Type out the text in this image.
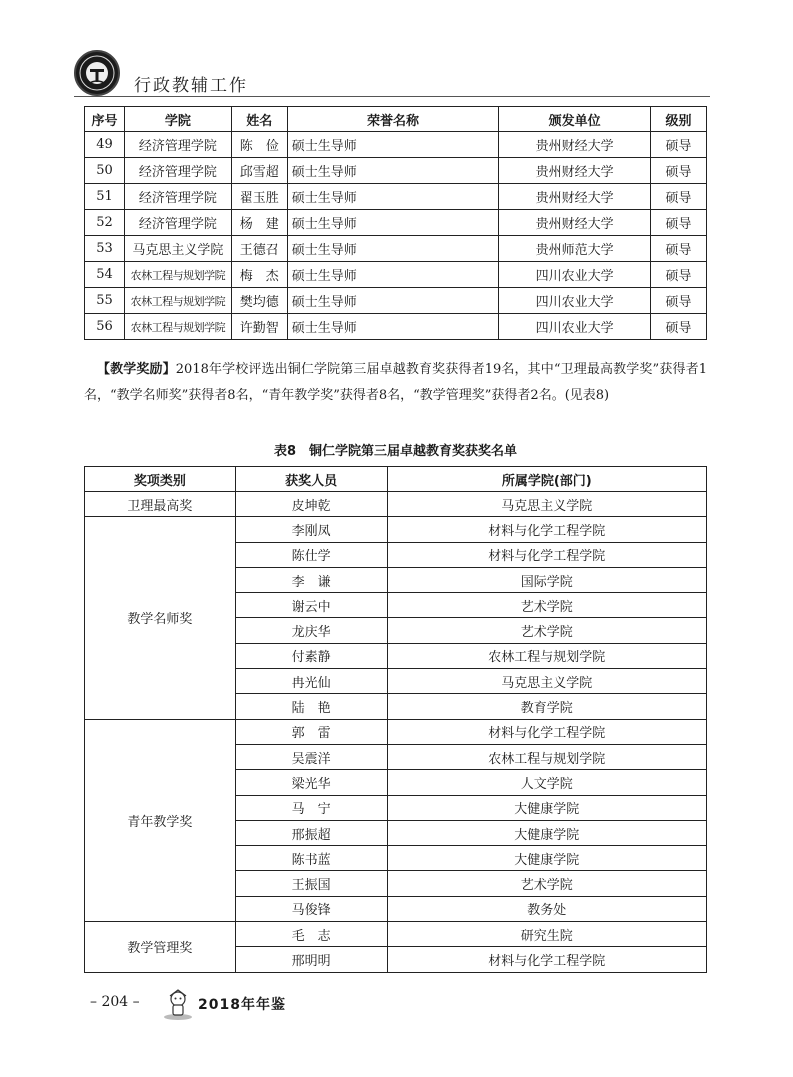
行政教辅工作
序号	学院	姓名	荣誉名称	颁发单位	级别
49	经济管理学院	陈　俭	硕士生导师	贵州财经大学	硕导
50	经济管理学院	邱雪超	硕士生导师	贵州财经大学	硕导
51	经济管理学院	翟玉胜	硕士生导师	贵州财经大学	硕导
52	经济管理学院	杨　建	硕士生导师	贵州财经大学	硕导
53	马克思主义学院	王德召	硕士生导师	贵州师范大学	硕导
54	农林工程与规划学院	梅　杰	硕士生导师	四川农业大学	硕导
55	农林工程与规划学院	樊均德	硕士生导师	四川农业大学	硕导
56	农林工程与规划学院	许勤智	硕士生导师	四川农业大学	硕导
【教学奖励】2018年学校评选出铜仁学院第三届卓越教育奖获得者19名，其中“卫理最高教学奖”获得者1名，“教学名师奖”获得者8名，“青年教学奖”获得者8名，“教学管理奖”获得者2名。(见表8)
表8　铜仁学院第三届卓越教育奖获奖名单
奖项类别	获奖人员	所属学院(部门)
卫理最高奖	皮坤乾	马克思主义学院
教学名师奖	李刚凤	材料与化学工程学院
	陈仕学	材料与化学工程学院
	李　谦	国际学院
	谢云中	艺术学院
	龙庆华	艺术学院
	付素静	农林工程与规划学院
	冉光仙	马克思主义学院
	陆　艳	教育学院
青年教学奖	郭　雷	材料与化学工程学院
	吴震洋	农林工程与规划学院
	梁光华	人文学院
	马　宁	大健康学院
	邢振超	大健康学院
	陈书蓝	大健康学院
	王振国	艺术学院
	马俊锋	教务处
教学管理奖	毛　志	研究生院
	邢明明	材料与化学工程学院
– 204 –	2018年年鉴
